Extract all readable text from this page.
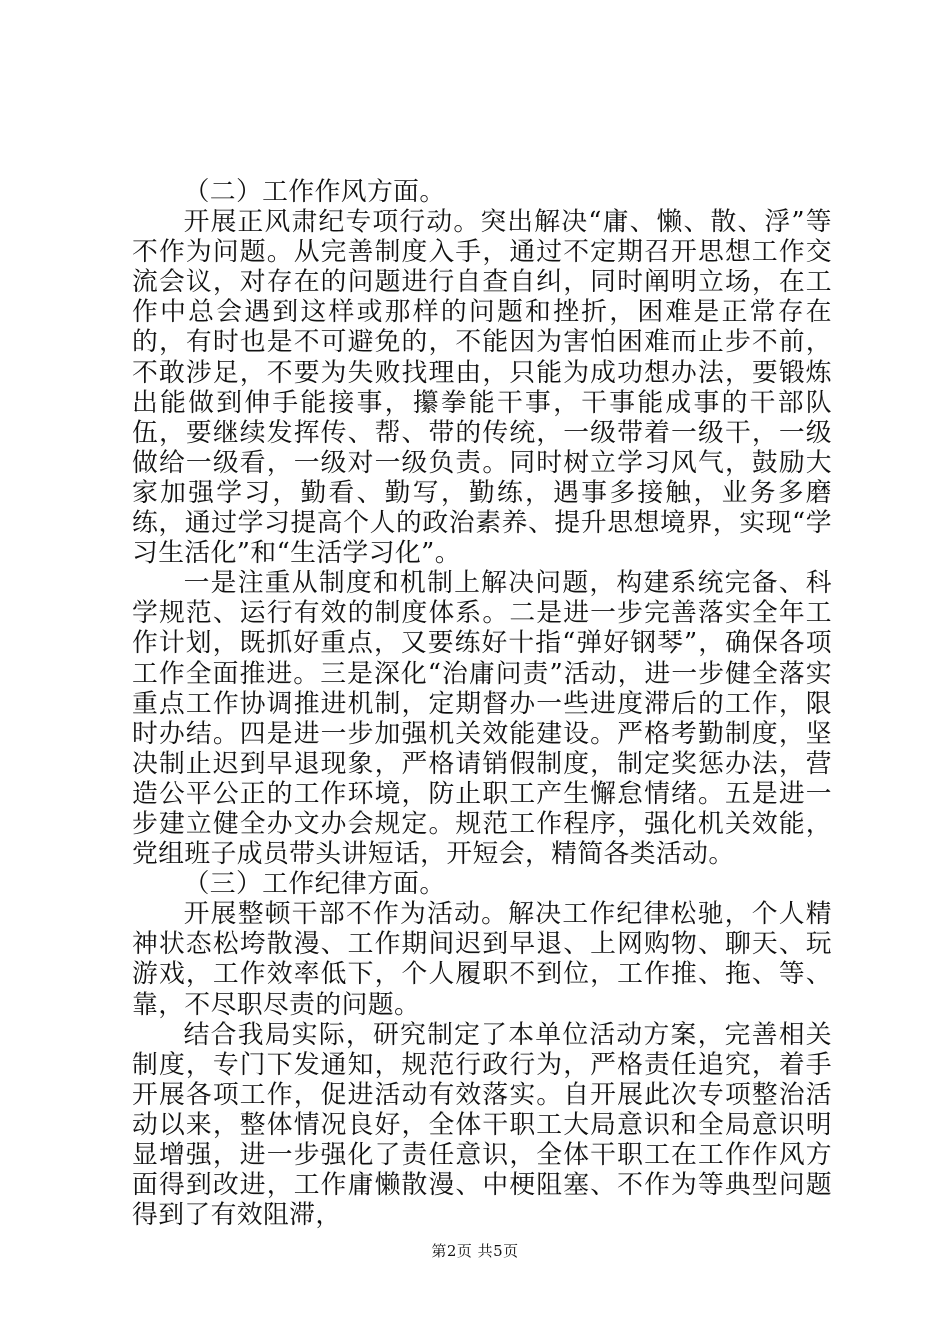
（二）工作作风方面。

开展正风肃纪专项行动。突出解决“庸、懒、散、浮”等不作为问题。从完善制度入手，通过不定期召开思想工作交流会议，对存在的问题进行自查自纠，同时阐明立场，在工作中总会遇到这样或那样的问题和挫折，困难是正常存在的，有时也是不可避免的，不能因为害怕困难而止步不前，不敢涉足，不要为失败找理由，只能为成功想办法，要锻炼出能做到伸手能接事，攥拳能干事，干事能成事的干部队伍，要继续发挥传、帮、带的传统，一级带着一级干，一级做给一级看，一级对一级负责。同时树立学习风气，鼓励大家加强学习，勤看、勤写，勤练，遇事多接触，业务多磨练，通过学习提高个人的政治素养、提升思想境界，实现“学习生活化”和“生活学习化”。

一是注重从制度和机制上解决问题，构建系统完备、科学规范、运行有效的制度体系。二是进一步完善落实全年工作计划，既抓好重点，又要练好十指“弹好钢琴”，确保各项工作全面推进。三是深化“治庸问责”活动，进一步健全落实重点工作协调推进机制，定期督办一些进度滞后的工作，限时办结。四是进一步加强机关效能建设。严格考勤制度，坚决制止迟到早退现象，严格请销假制度，制定奖惩办法，营造公平公正的工作环境，防止职工产生懈怠情绪。五是进一步建立健全办文办会规定。规范工作程序，强化机关效能，党组班子成员带头讲短话，开短会，精简各类活动。

（三）工作纪律方面。

开展整顿干部不作为活动。解决工作纪律松驰，个人精神状态松垮散漫、工作期间迟到早退、上网购物、聊天、玩游戏，工作效率低下，个人履职不到位，工作推、拖、等、靠，不尽职尽责的问题。

结合我局实际，研究制定了本单位活动方案，完善相关制度，专门下发通知，规范行政行为，严格责任追究，着手开展各项工作，促进活动有效落实。自开展此次专项整治活动以来，整体情况良好，全体干职工大局意识和全局意识明显增强，进一步强化了责任意识，全体干职工在工作作风方面得到改进，工作庸懒散漫、中梗阻塞、不作为等典型问题得到了有效阻滞，

第2页 共5页
